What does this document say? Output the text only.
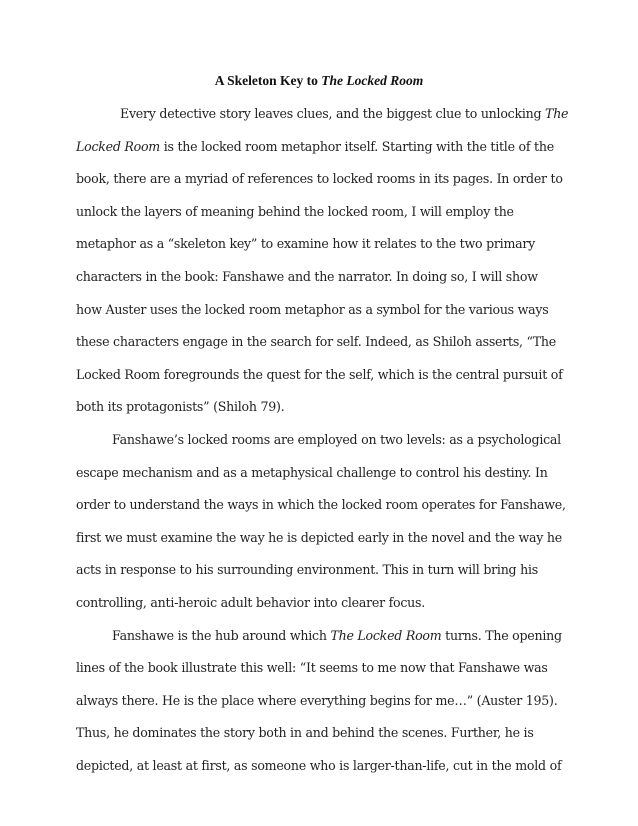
A Skeleton Key to The Locked Room
Every detective story leaves clues, and the biggest clue to unlocking The
Locked Room is the locked room metaphor itself. Starting with the title of the
book, there are a myriad of references to locked rooms in its pages. In order to
unlock the layers of meaning behind the locked room, I will employ the
metaphor as a “skeleton key” to examine how it relates to the two primary
characters in the book: Fanshawe and the narrator. In doing so, I will show
how Auster uses the locked room metaphor as a symbol for the various ways
these characters engage in the search for self. Indeed, as Shiloh asserts, “The
Locked Room foregrounds the quest for the self, which is the central pursuit of
both its protagonists” (Shiloh 79).
Fanshawe’s locked rooms are employed on two levels: as a psychological
escape mechanism and as a metaphysical challenge to control his destiny. In
order to understand the ways in which the locked room operates for Fanshawe,
first we must examine the way he is depicted early in the novel and the way he
acts in response to his surrounding environment. This in turn will bring his
controlling, anti-heroic adult behavior into clearer focus.
Fanshawe is the hub around which The Locked Room turns. The opening
lines of the book illustrate this well: “It seems to me now that Fanshawe was
always there. He is the place where everything begins for me…” (Auster 195).
Thus, he dominates the story both in and behind the scenes. Further, he is
depicted, at least at first, as someone who is larger-than-life, cut in the mold of
